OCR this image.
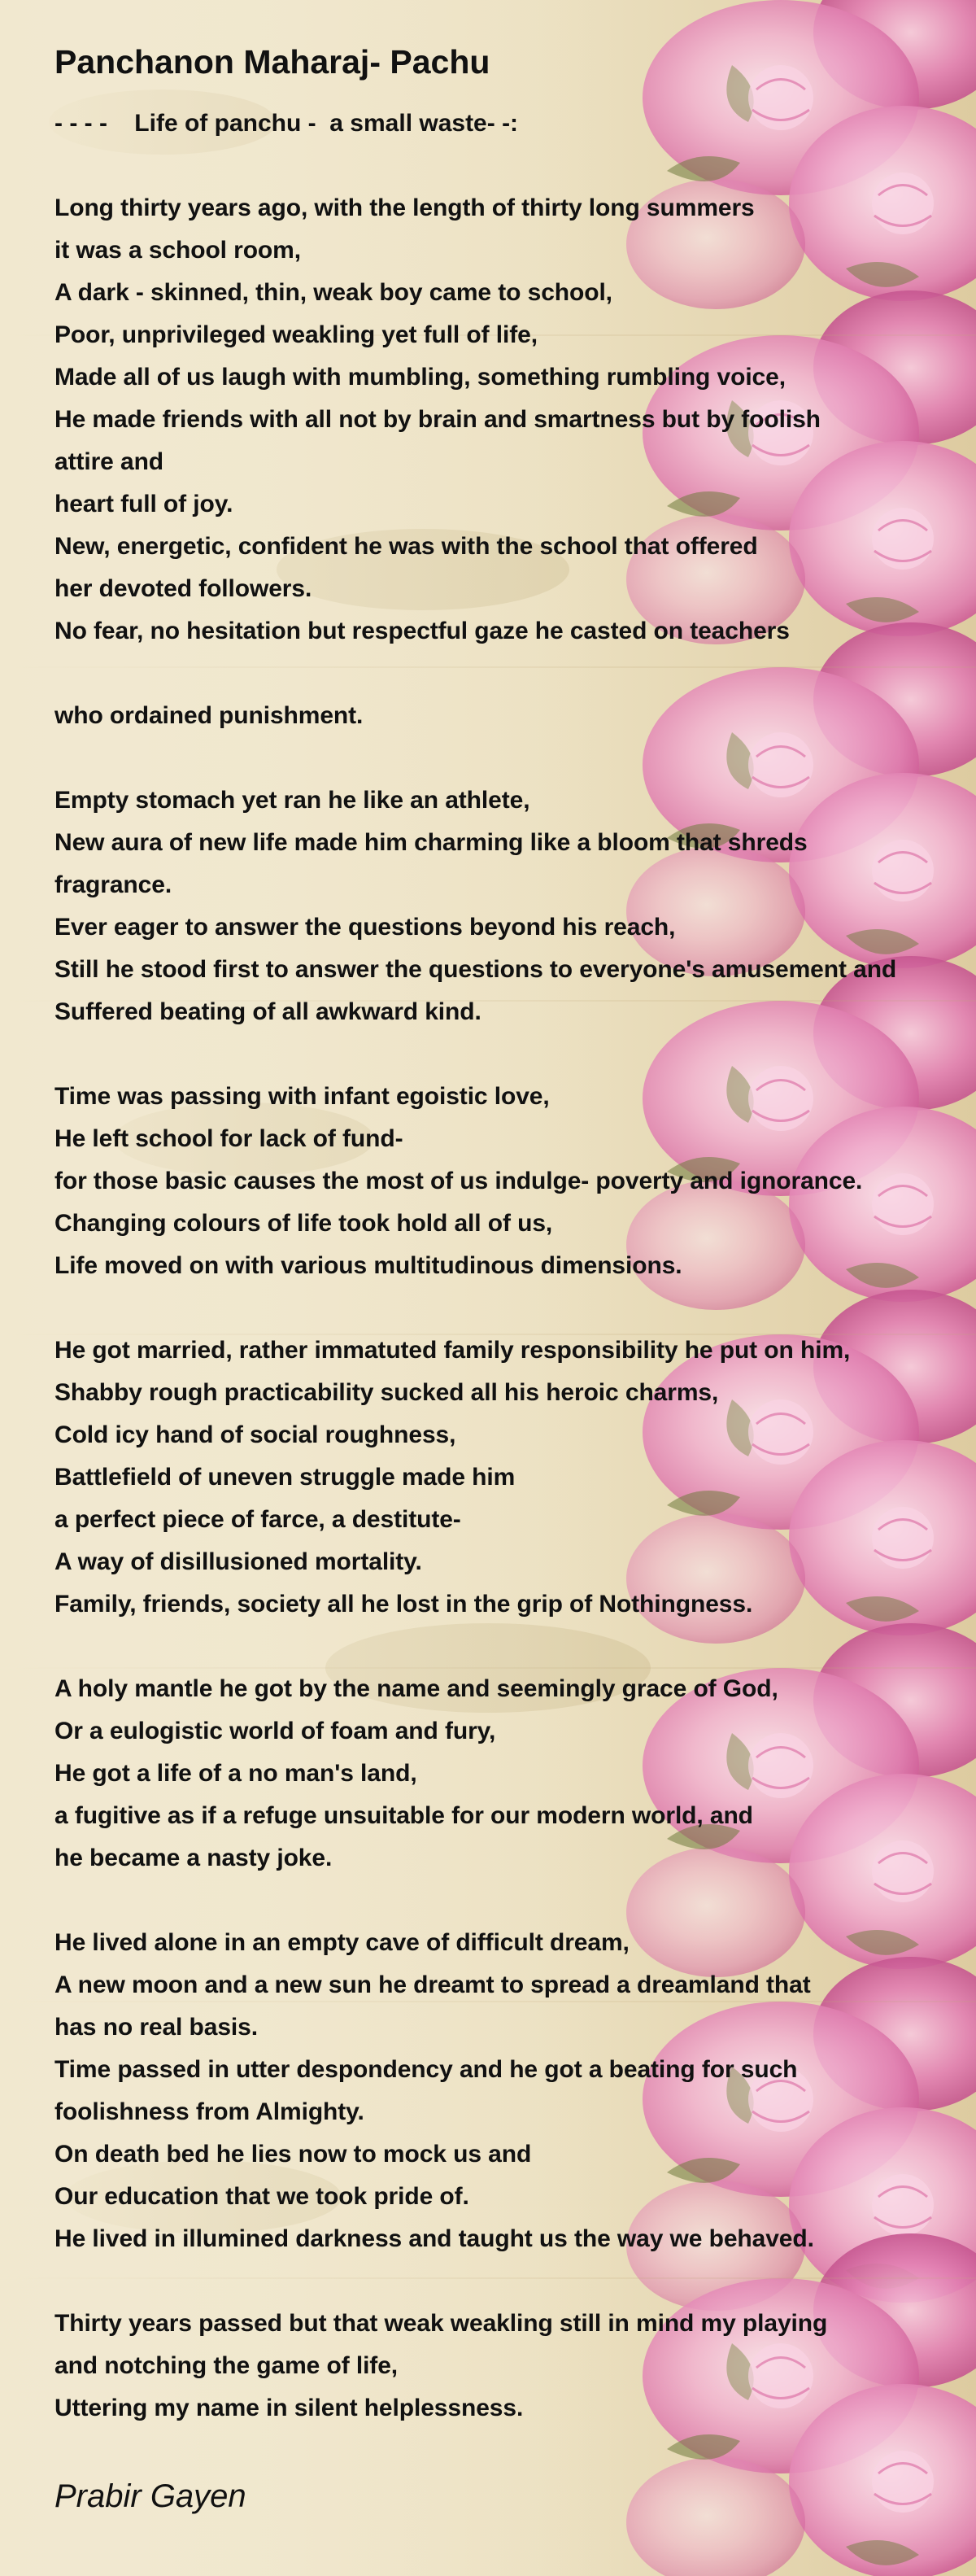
Panchanon Maharaj- Pachu
- - - -    Life of panchu -  a small waste- -:
Long thirty years ago, with the length of thirty long summers
it was a school room,
A dark - skinned, thin, weak boy came to school,
Poor, unprivileged weakling yet full of life,
Made all of us laugh with mumbling, something rumbling voice,
He made friends with all not by brain and smartness but by foolish
attire and
heart full of joy.
New, energetic, confident he was with the school that offered
her devoted followers.
No fear, no hesitation but respectful gaze he casted on teachers
who ordained punishment.
Empty stomach yet ran he like an athlete,
New aura of new life made him charming like a bloom that shreds
fragrance.
Ever eager to answer the questions beyond his reach,
Still he stood first to answer the questions to everyone's amusement and
Suffered beating of all awkward kind.
Time was passing with infant egoistic love,
He left school for lack of fund-
for those basic causes the most of us indulge- poverty and ignorance.
Changing colours of life took hold all of us,
Life moved on with various multitudinous dimensions.
He got married, rather immatuted family responsibility he put on him,
Shabby rough practicability sucked all his heroic charms,
Cold icy hand of social roughness,
Battlefield of uneven struggle made him
a perfect piece of farce, a destitute-
A way of disillusioned mortality.
Family, friends, society all he lost in the grip of Nothingness.
A holy mantle he got by the name and seemingly grace of God,
Or a eulogistic world of foam and fury,
He got a life of a no man's land,
a fugitive as if a refuge unsuitable for our modern world, and
he became a nasty joke.
He lived alone in an empty cave of difficult dream,
A new moon and a new sun he dreamt to spread a dreamland that
has no real basis.
Time passed in utter despondency and he got a beating for such
foolishness from Almighty.
On death bed he lies now to mock us and
Our education that we took pride of.
He lived in illumined darkness and taught us the way we behaved.
Thirty years passed but that weak weakling still in mind my playing
and notching the game of life,
Uttering my name in silent helplessness.
Prabir Gayen
